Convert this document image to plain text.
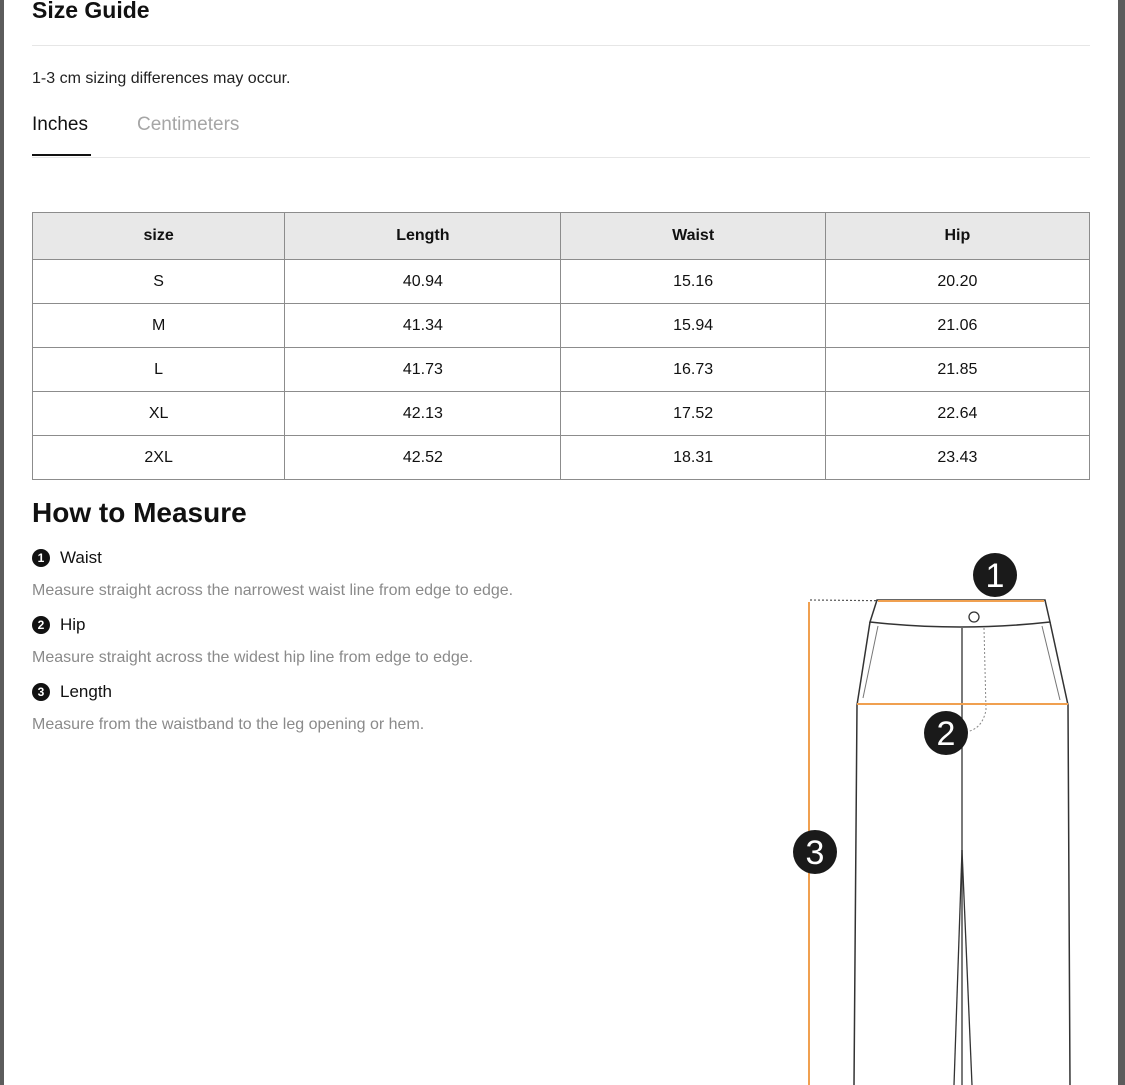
Size Guide
1-3 cm sizing differences may occur.
Inches	Centimeters
size	Length	Waist	Hip
S	40.94	15.16	20.20
M	41.34	15.94	21.06
L	41.73	16.73	21.85
XL	42.13	17.52	22.64
2XL	42.52	18.31	23.43
How to Measure
1 Waist
Measure straight across the narrowest waist line from edge to edge.
2 Hip
Measure straight across the widest hip line from edge to edge.
3 Length
Measure from the waistband to the leg opening or hem.
1
2
3
